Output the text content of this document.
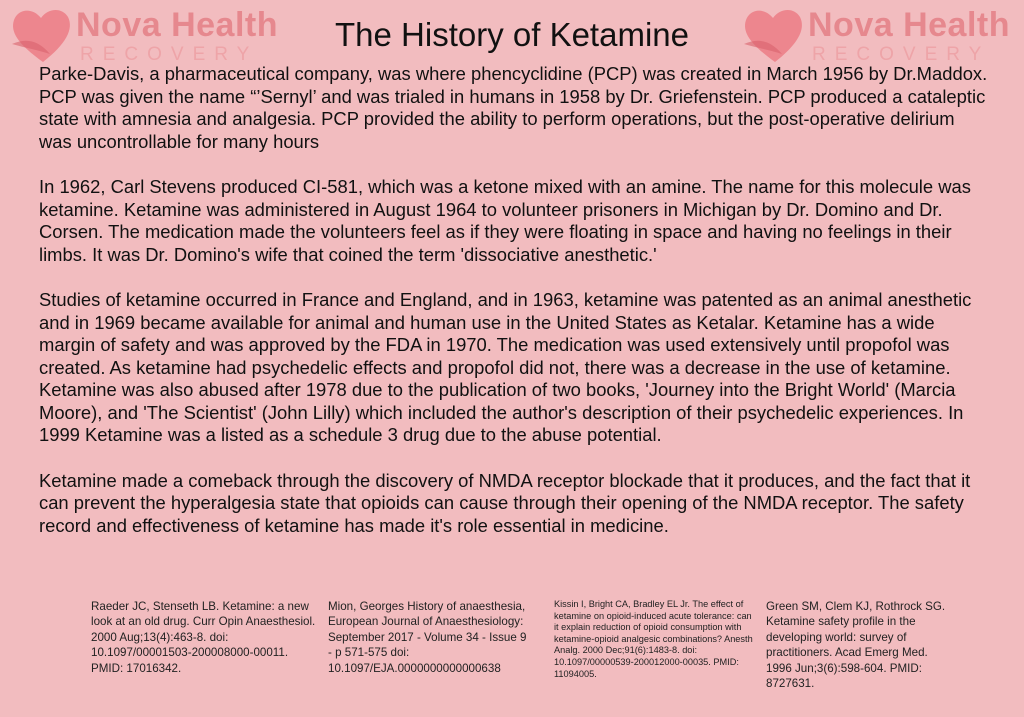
Nova Health
RECOVERY
Nova Health
RECOVERY
The History of Ketamine

Parke-Davis, a pharmaceutical company, was where phencyclidine (PCP) was created in March 1956 by Dr.Maddox. PCP was given the name “’Sernyl’ and was trialed in humans in 1958 by Dr. Griefenstein. PCP produced a cataleptic state with amnesia and analgesia. PCP provided the ability to perform operations, but the post-operative delirium was uncontrollable for many hours

In 1962, Carl Stevens produced CI-581, which was a ketone mixed with an amine. The name for this molecule was ketamine. Ketamine was administered in August 1964 to volunteer prisoners in Michigan by Dr. Domino and Dr. Corsen. The medication made the volunteers feel as if they were floating in space and having no feelings in their limbs. It was Dr. Domino's wife that coined the term 'dissociative anesthetic.'

Studies of ketamine occurred in France and England, and in 1963, ketamine was patented as an animal anesthetic and in 1969 became available for animal and human use in the United States as Ketalar. Ketamine has a wide margin of safety and was approved by the FDA in 1970. The medication was used extensively until propofol was created. As ketamine had psychedelic effects and propofol did not, there was a decrease in the use of ketamine. Ketamine was also abused after 1978 due to the publication of two books, 'Journey into the Bright World' (Marcia Moore), and 'The Scientist' (John Lilly) which included the author's description of their psychedelic experiences. In 1999 Ketamine was a listed as a schedule 3 drug due to the abuse potential.

Ketamine made a comeback through the discovery of NMDA receptor blockade that it produces, and the fact that it can prevent the hyperalgesia state that opioids can cause through their opening of the NMDA receptor. The safety record and effectiveness of ketamine has made it's role essential in medicine.

Raeder JC, Stenseth LB. Ketamine: a new look at an old drug. Curr Opin Anaesthesiol. 2000 Aug;13(4):463-8. doi: 10.1097/00001503-200008000-00011. PMID: 17016342.
Mion, Georges History of anaesthesia, European Journal of Anaesthesiology: September 2017 - Volume 34 - Issue 9 - p 571-575 doi: 10.1097/EJA.0000000000000638
Kissin I, Bright CA, Bradley EL Jr. The effect of ketamine on opioid-induced acute tolerance: can it explain reduction of opioid consumption with ketamine-opioid analgesic combinations? Anesth Analg. 2000 Dec;91(6):1483-8. doi: 10.1097/00000539-200012000-00035. PMID: 11094005.
Green SM, Clem KJ, Rothrock SG. Ketamine safety profile in the developing world: survey of practitioners. Acad Emerg Med. 1996 Jun;3(6):598-604. PMID: 8727631.
